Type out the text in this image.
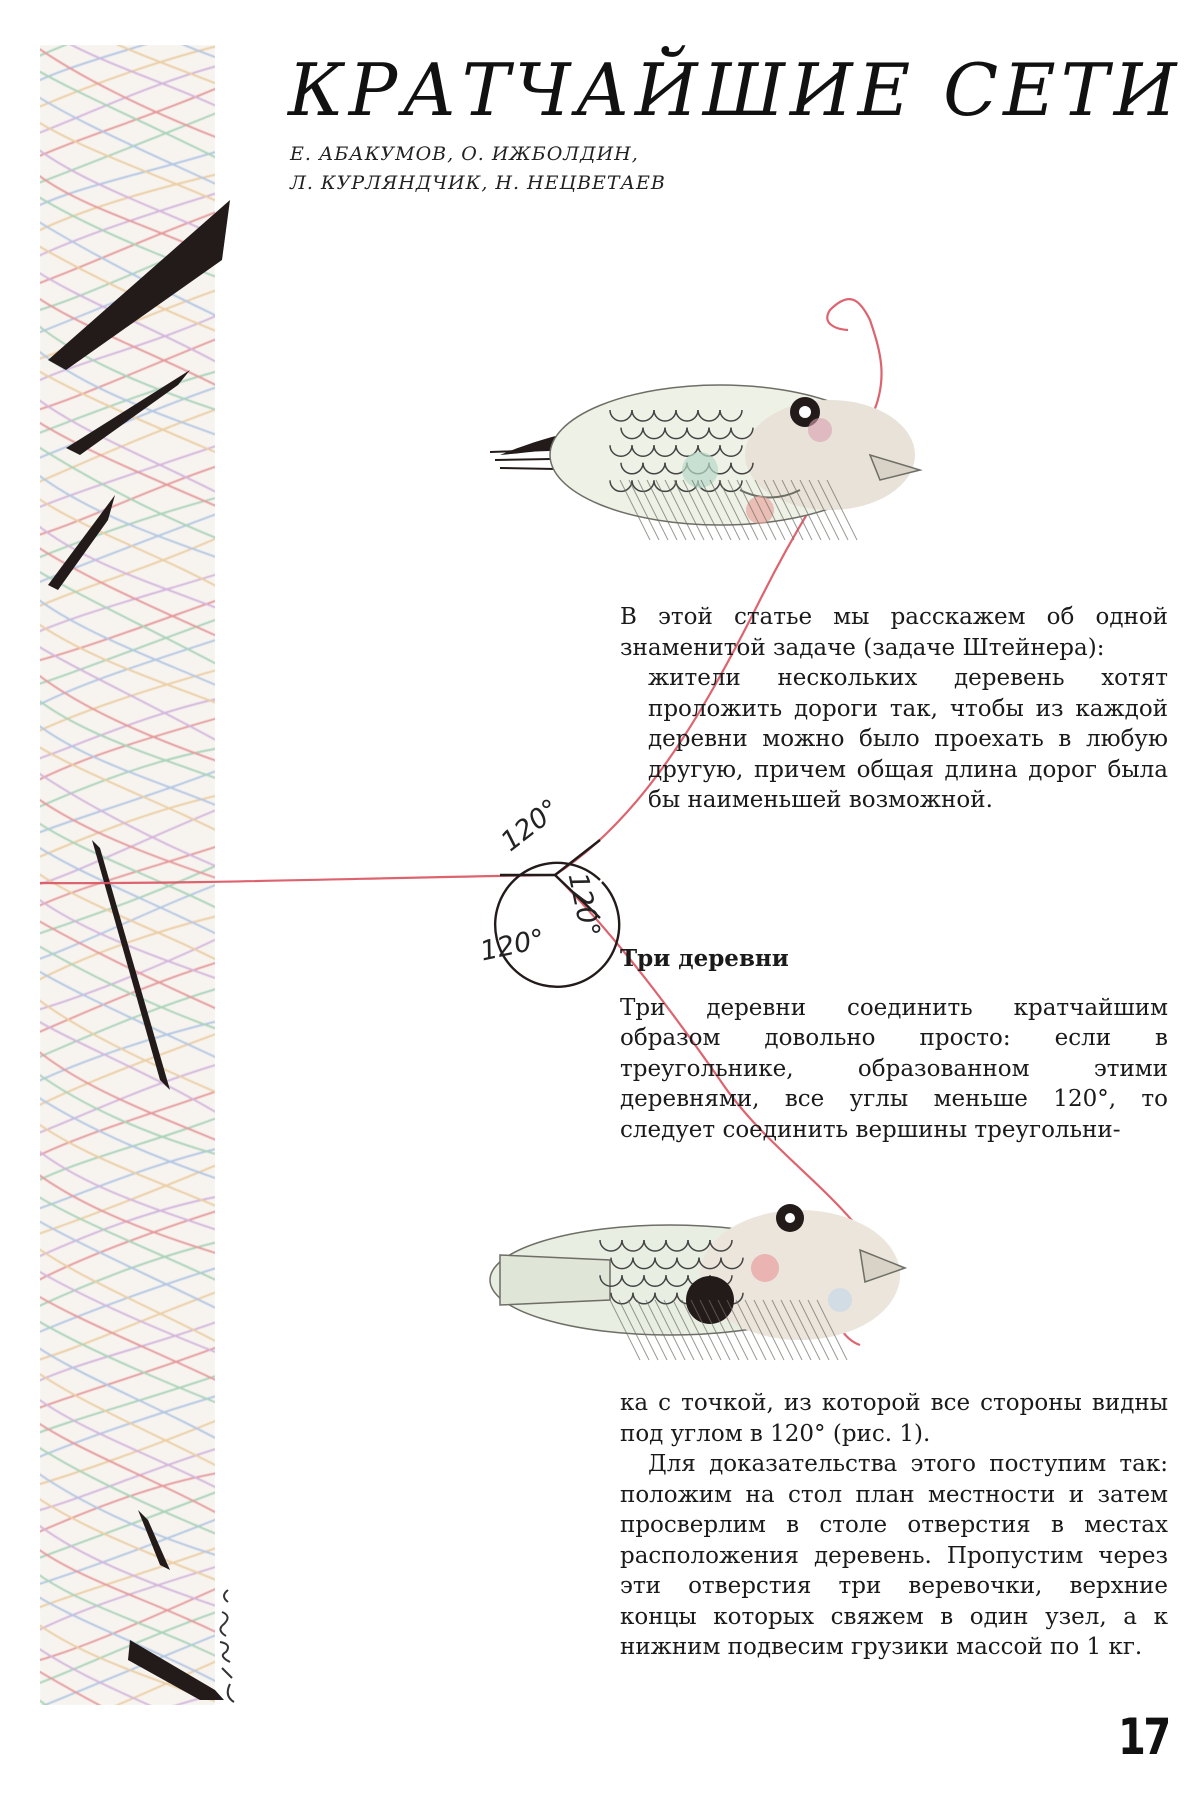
КРАТЧАЙШИЕ СЕТИ
Е. АБАКУМОВ, О. ИЖБОЛДИН,
Л. КУРЛЯНДЧИК, Н. НЕЦВЕТАЕВ
120°
120°
120°

В этой статье мы расскажем об одной знаменитой задаче (задаче Штейнера):

жители нескольких деревень хотят проложить дороги так, чтобы из каждой деревни можно было проехать в любую другую, причем общая длина дорог была бы наименьшей возможной.

Три деревни

Три деревни соединить кратчайшим образом довольно просто: если в треугольнике, образованном этими деревнями, все углы меньше 120°, то следует соединить вершины треугольни-

ка с точкой, из которой все стороны видны под углом в 120° (рис. 1).

Для доказательства этого поступим так: положим на стол план местности и затем просверлим в столе отверстия в местах расположения деревень. Пропустим через эти отверстия три веревочки, верхние концы которых свяжем в один узел, а к нижним подвесим грузики массой по 1 кг.

17
